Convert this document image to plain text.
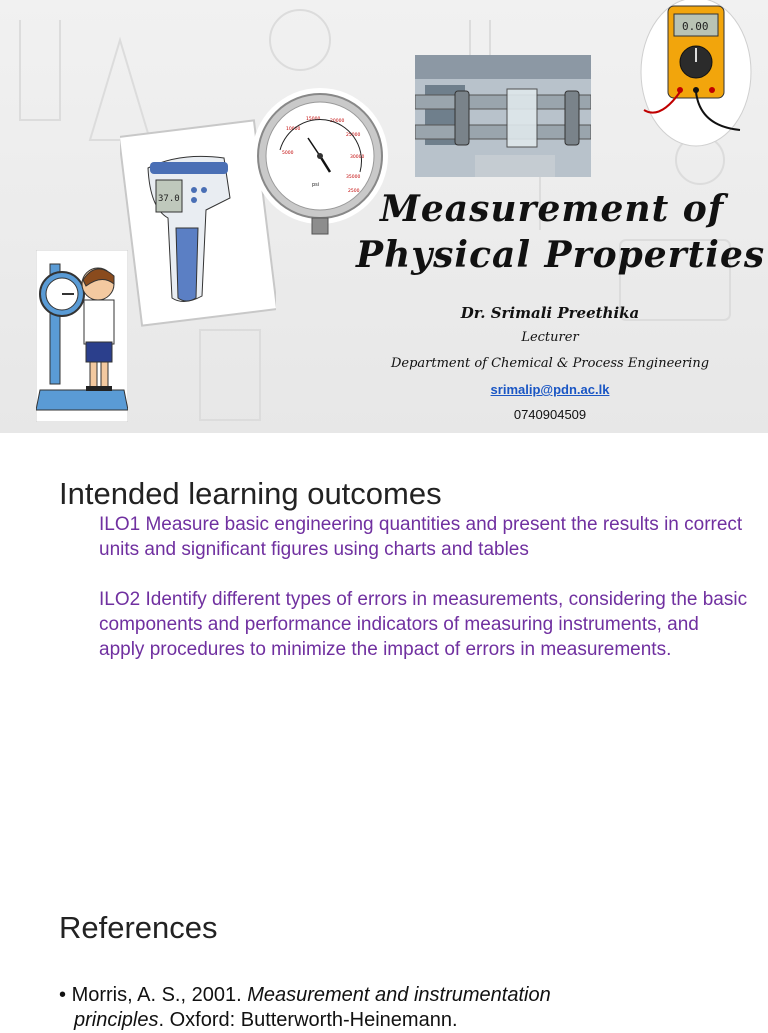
37.0
10000
15000 20000
25000
30000
35000
5000
2500
psi
0.00
Measurement of
Physical Properties
Dr. Srimali Preethika
Lecturer
Department of Chemical & Process Engineering
srimalip@pdn.ac.lk
0740904509
Intended learning outcomes
ILO1 Measure basic engineering quantities and present the results in correct units and significant figures using charts and tables
ILO2 Identify different types of errors in measurements, considering the basic components and performance indicators of measuring instruments, and apply procedures to minimize the impact of errors in measurements.
References
• Morris, A. S., 2001. Measurement and instrumentation
principles. Oxford: Butterworth-Heinemann.
